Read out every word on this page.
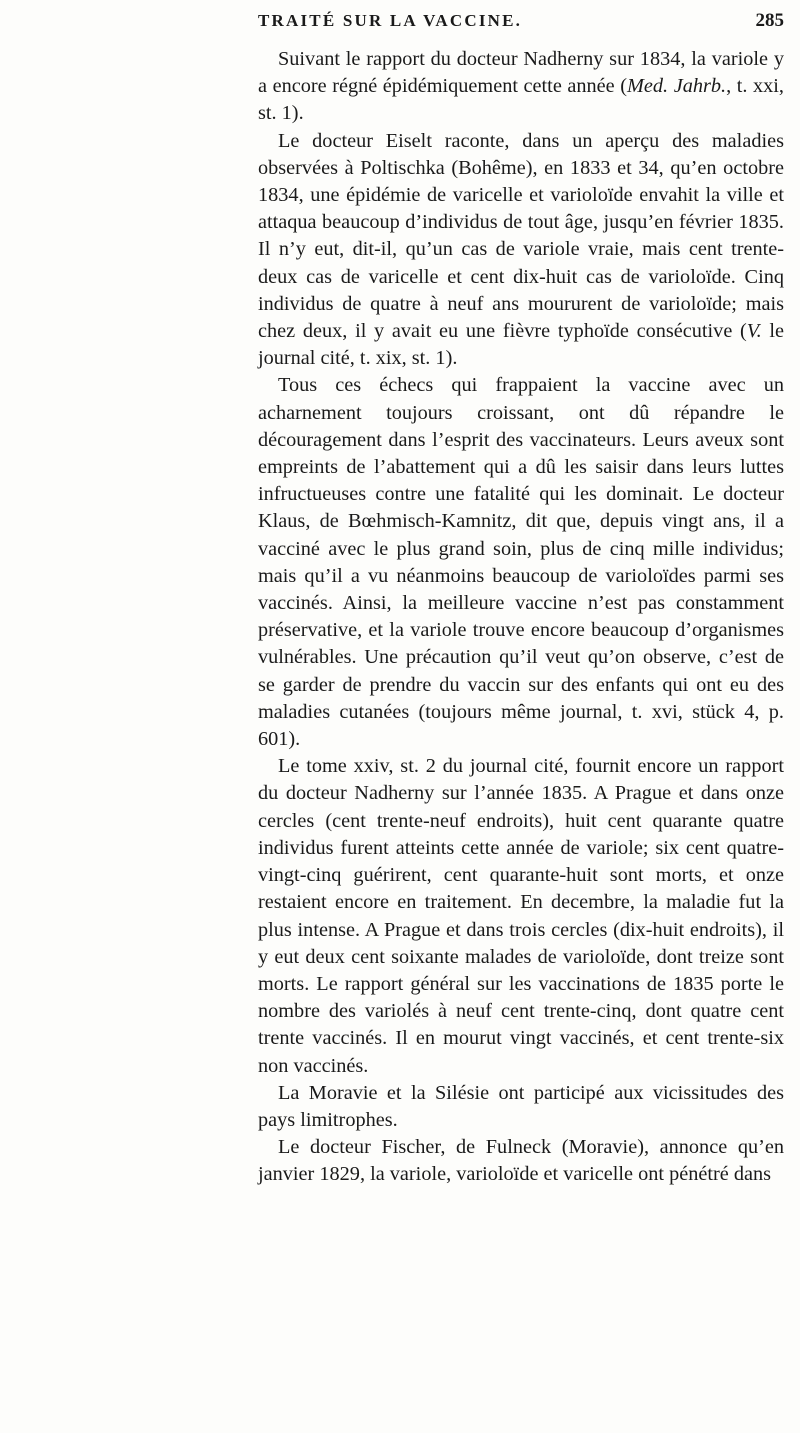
TRAITÉ SUR LA VACCINE.	285

Suivant le rapport du docteur Nadherny sur 1834, la variole y a encore régné épidémiquement cette année (Med. Jahrb., t. xxi, st. 1).

Le docteur Eiselt raconte, dans un aperçu des maladies observées à Poltischka (Bohême), en 1833 et 34, qu’en octobre 1834, une épidémie de varicelle et varioloïde envahit la ville et attaqua beaucoup d’individus de tout âge, jusqu’en février 1835. Il n’y eut, dit-il, qu’un cas de variole vraie, mais cent trente-deux cas de varicelle et cent dix-huit cas de varioloïde. Cinq individus de quatre à neuf ans moururent de varioloïde; mais chez deux, il y avait eu une fièvre typhoïde consécutive (V. le journal cité, t. xix, st. 1).

Tous ces échecs qui frappaient la vaccine avec un acharnement toujours croissant, ont dû répandre le découragement dans l’esprit des vaccinateurs. Leurs aveux sont empreints de l’abattement qui a dû les saisir dans leurs luttes infructueuses contre une fatalité qui les dominait. Le docteur Klaus, de Bœhmisch-Kamnitz, dit que, depuis vingt ans, il a vacciné avec le plus grand soin, plus de cinq mille individus; mais qu’il a vu néanmoins beaucoup de varioloïdes parmi ses vaccinés. Ainsi, la meilleure vaccine n’est pas constamment préservative, et la variole trouve encore beaucoup d’organismes vulnérables. Une précaution qu’il veut qu’on observe, c’est de se garder de prendre du vaccin sur des enfants qui ont eu des maladies cutanées (toujours même journal, t. xvi, stück 4, p. 601).

Le tome xxiv, st. 2 du journal cité, fournit encore un rapport du docteur Nadherny sur l’année 1835. A Prague et dans onze cercles (cent trente-neuf endroits), huit cent quarante quatre individus furent atteints cette année de variole; six cent quatre-vingt-cinq guérirent, cent quarante-huit sont morts, et onze restaient encore en traitement. En decembre, la maladie fut la plus intense. A Prague et dans trois cercles (dix-huit endroits), il y eut deux cent soixante malades de varioloïde, dont treize sont morts. Le rapport général sur les vaccinations de 1835 porte le nombre des variolés à neuf cent trente-cinq, dont quatre cent trente vaccinés. Il en mourut vingt vaccinés, et cent trente-six non vaccinés.

La Moravie et la Silésie ont participé aux vicissitudes des pays limitrophes.

Le docteur Fischer, de Fulneck (Moravie), annonce qu’en janvier 1829, la variole, varioloïde et varicelle ont pénétré dans
